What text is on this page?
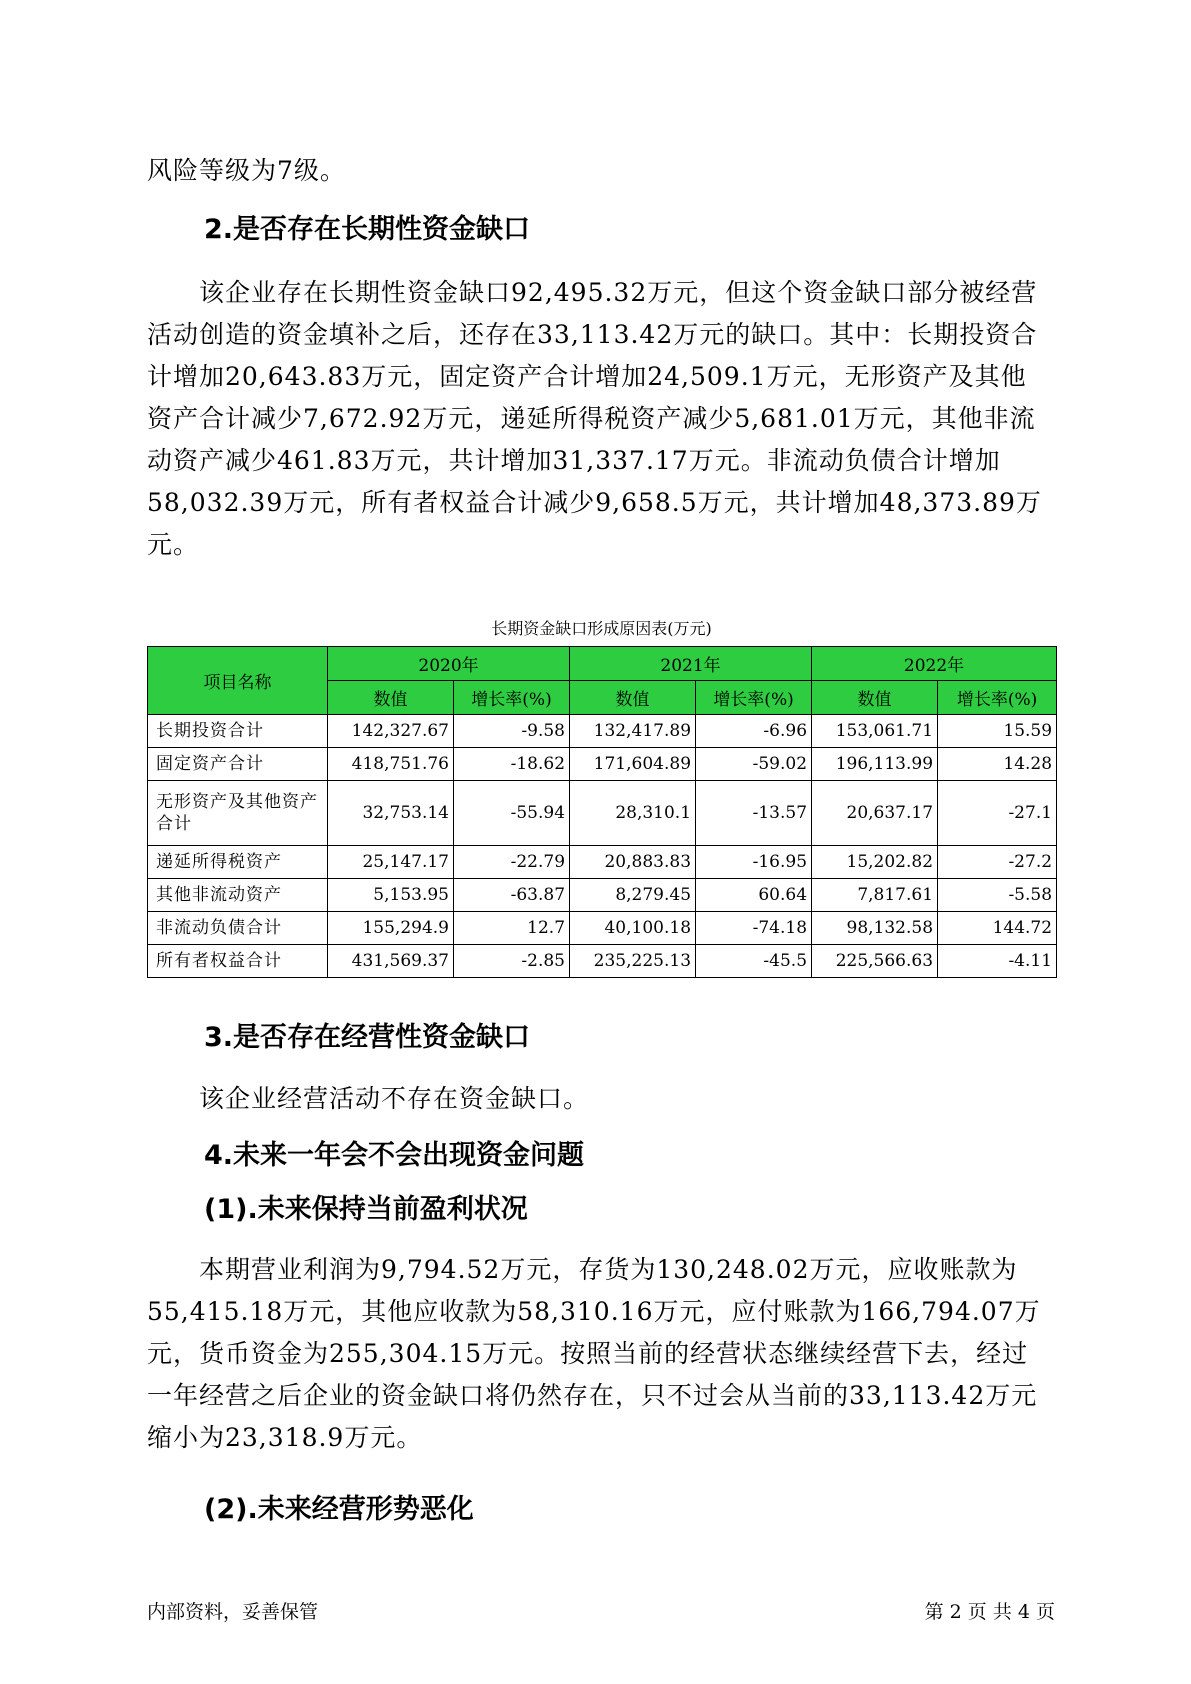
风险等级为7级。

2.是否存在长期性资金缺口

该企业存在长期性资金缺口92,495.32万元，但这个资金缺口部分被经营活动创造的资金填补之后，还存在33,113.42万元的缺口。其中：长期投资合计增加20,643.83万元，固定资产合计增加24,509.1万元，无形资产及其他资产合计减少7,672.92万元，递延所得税资产减少5,681.01万元，其他非流动资产减少461.83万元，共计增加31,337.17万元。非流动负债合计增加58,032.39万元，所有者权益合计减少9,658.5万元，共计增加48,373.89万元。

长期资金缺口形成原因表(万元)

项目名称	2020年		2021年		2022年	
	数值	增长率(%)	数值	增长率(%)	数值	增长率(%)
长期投资合计	142,327.67	-9.58	132,417.89	-6.96	153,061.71	15.59
固定资产合计	418,751.76	-18.62	171,604.89	-59.02	196,113.99	14.28
无形资产及其他资产合计	32,753.14	-55.94	28,310.1	-13.57	20,637.17	-27.1
递延所得税资产	25,147.17	-22.79	20,883.83	-16.95	15,202.82	-27.2
其他非流动资产	5,153.95	-63.87	8,279.45	60.64	7,817.61	-5.58
非流动负债合计	155,294.9	12.7	40,100.18	-74.18	98,132.58	144.72
所有者权益合计	431,569.37	-2.85	235,225.13	-45.5	225,566.63	-4.11
3.是否存在经营性资金缺口

该企业经营活动不存在资金缺口。

4.未来一年会不会出现资金问题
(1).未来保持当前盈利状况

本期营业利润为9,794.52万元，存货为130,248.02万元，应收账款为55,415.18万元，其他应收款为58,310.16万元，应付账款为166,794.07万元，货币资金为255,304.15万元。按照当前的经营状态继续经营下去，经过一年经营之后企业的资金缺口将仍然存在，只不过会从当前的33,113.42万元缩小为23,318.9万元。

(2).未来经营形势恶化
内部资料，妥善保管	第 2 页 共 4 页
